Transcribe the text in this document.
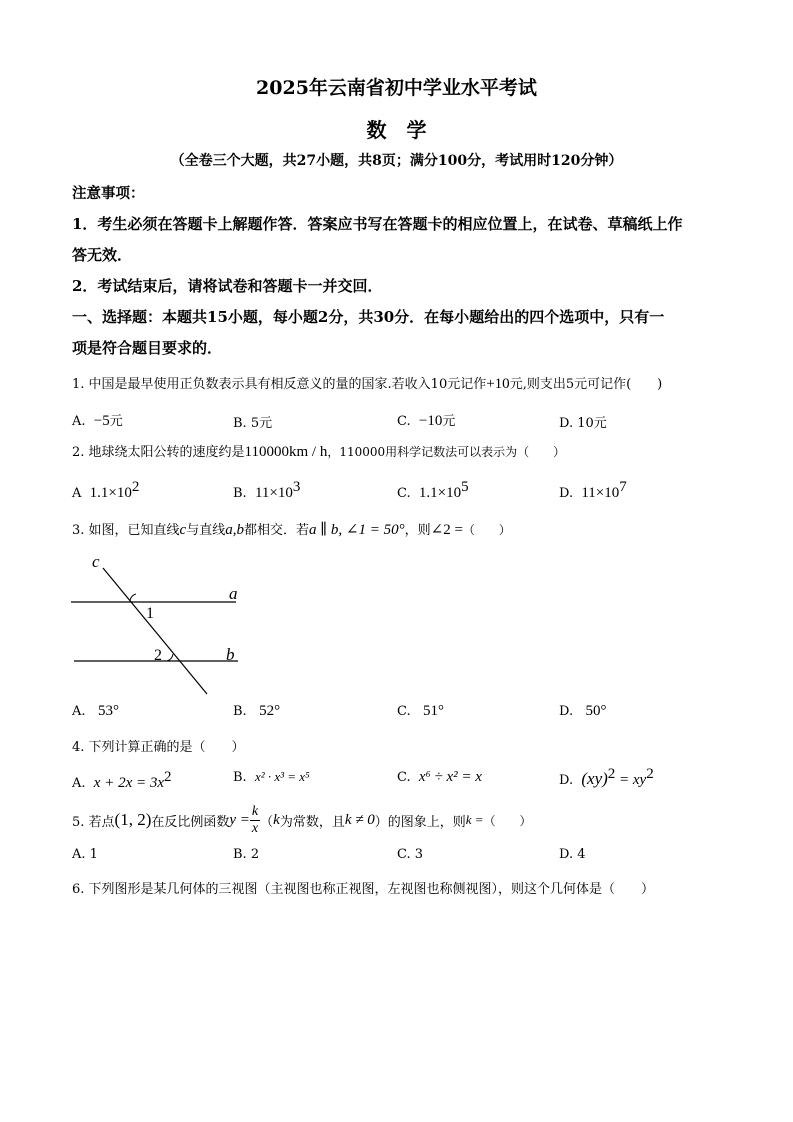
2025年云南省初中学业水平考试
数　学
（全卷三个大题，共27小题，共8页；满分100分，考试用时120分钟）
注意事项：
1．考生必须在答题卡上解题作答．答案应书写在答题卡的相应位置上，在试卷、草稿纸上作
答无效．
2．考试结束后，请将试卷和答题卡一并交回．
一、选择题：本题共15小题，每小题2分，共30分．在每小题给出的四个选项中，只有一
项是符合题目要求的．
1. 中国是最早使用正负数表示具有相反意义的量的国家.若收入10元记作+10元,则支出5元可记作(　　)
A. −5元	B. 5元	C. −10元	D. 10元
2. 地球绕太阳公转的速度约是110000km / h，110000用科学记数法可以表示为（　　）
A $1.1\times 10^2$	B. $11\times 10^3$	C. $1.1\times 10^5$	D. $11\times 10^7$
3. 如图，已知直线c与直线a,b都相交．若a ∥ b, ∠1 = 50°，则∠2 =（　　）
c
a
b
1
2
A. 53°	B. 52°	C. 51°	D. 50°
4. 下列计算正确的是（　　）
A. $x + 2x = 3x^2$	B. x² · x³ = x⁵	C. x⁶ ÷ x² = x	D. $(xy)^2 = xy^2$
5. 若点 (1, 2) 在反比例函数 $y = \frac{k}{x}$ （ k 为常数，且 k ≠ 0 ）的图象上，则 k = （　　）
A. 1	B. 2	C. 3	D. 4
6. 下列图形是某几何体的三视图（主视图也称正视图，左视图也称侧视图），则这个几何体是（　　）
